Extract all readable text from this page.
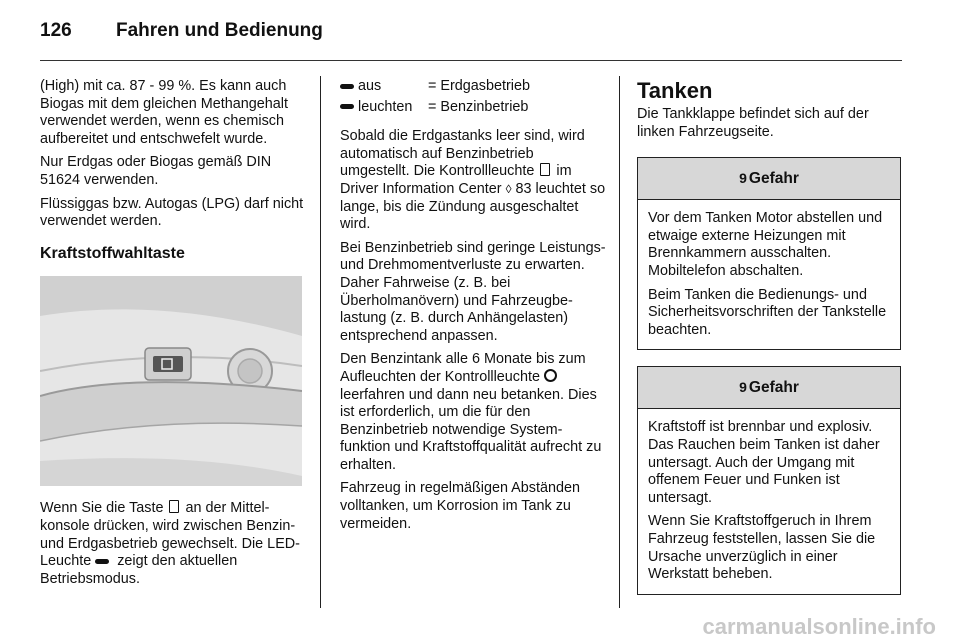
126 Fahren und Bedienung

(High) mit ca. 87 - 99 %. Es kann auch Biogas mit dem gleichen Methangehalt verwendet werden, wenn es chemisch aufbereitet und entschwefelt wurde.

Nur Erdgas oder Biogas gemäß DIN 51624 verwenden.

Flüssiggas bzw. Autogas (LPG) darf nicht verwendet werden.

Kraftstoffwahltaste

Wenn Sie die Taste  an der Mittelkonsole drücken, wird zwischen Benzin- und Erdgasbetrieb gewechselt. Die LED-Leuchte  zeigt den aktuellen Betriebsmodus.

aus	= Erdgasbetrieb
leuchten	= Benzinbetrieb

Sobald die Erdgastanks leer sind, wird automatisch auf Benzinbetrieb umgestellt. Die Kontrollleuchte  im Driver Information Center ◊ 83 leuchtet so lange, bis die Zündung ausgeschaltet wird.

Bei Benzinbetrieb sind geringe Leistungs- und Drehmomentverluste zu erwarten. Daher Fahrweise (z. B. bei Überholmanövern) und Fahrzeugbelastung (z. B. durch Anhängelasten) entsprechend anpassen.

Den Benzintank alle 6 Monate bis zum Aufleuchten der Kontrollleuchte  leerfahren und dann neu betanken. Dies ist erforderlich, um die für den Benzinbetrieb notwendige Systemfunktion und Kraftstoffqualität aufrecht zu erhalten.

Fahrzeug in regelmäßigen Abständen volltanken, um Korrosion im Tank zu vermeiden.

Tanken

Die Tankklappe befindet sich auf der linken Fahrzeugseite.

9 Gefahr

Vor dem Tanken Motor abstellen und etwaige externe Heizungen mit Brennkammern ausschalten. Mobiltelefon abschalten.

Beim Tanken die Bedienungs- und Sicherheitsvorschriften der Tankstelle beachten.

9 Gefahr

Kraftstoff ist brennbar und explosiv. Das Rauchen beim Tanken ist daher untersagt. Auch der Umgang mit offenem Feuer und Funken ist untersagt.

Wenn Sie Kraftstoffgeruch in Ihrem Fahrzeug feststellen, lassen Sie die Ursache unverzüglich in einer Werkstatt beheben.

carmanualsonline.info
